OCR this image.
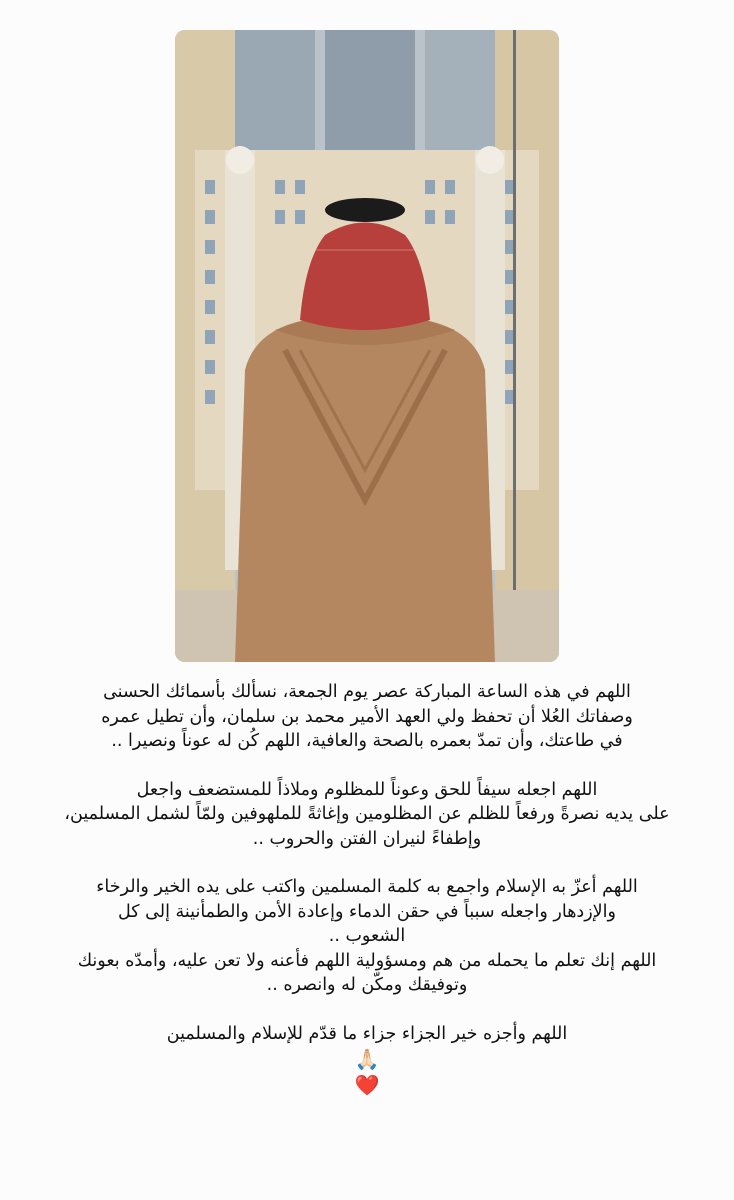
اللهم في هذه الساعة المباركة عصر يوم الجمعة، نسألك بأسمائك الحسنى
وصفاتك العُلا أن تحفظ ولي العهد الأمير محمد بن سلمان، وأن تطيل عمره
في طاعتك، وأن تمدّ بعمره بالصحة والعافية، اللهم كُن له عوناً ونصيرا ..

اللهم اجعله سيفاً للحق وعوناً للمظلوم وملاذاً للمستضعف واجعل
على يديه نصرةً ورفعاً للظلم عن المظلومين وإغاثةً للملهوفين ولمّاً لشمل المسلمين،
وإطفاءً لنيران الفتن والحروب ..

اللهم أعزّ به الإسلام واجمع به كلمة المسلمين واكتب على يده الخير والرخاء
والإزدهار واجعله سبباً في حقن الدماء وإعادة الأمن والطمأنينة إلى كل
الشعوب ..
اللهم إنك تعلم ما يحمله من هم ومسؤولية اللهم فأعنه ولا تعن عليه، وأمدّه بعونك
وتوفيقك ومكّن له وانصره ..

اللهم وأجزه خير الجزاء جزاء ما قدّم للإسلام والمسلمين
🙏🏻
❤️
